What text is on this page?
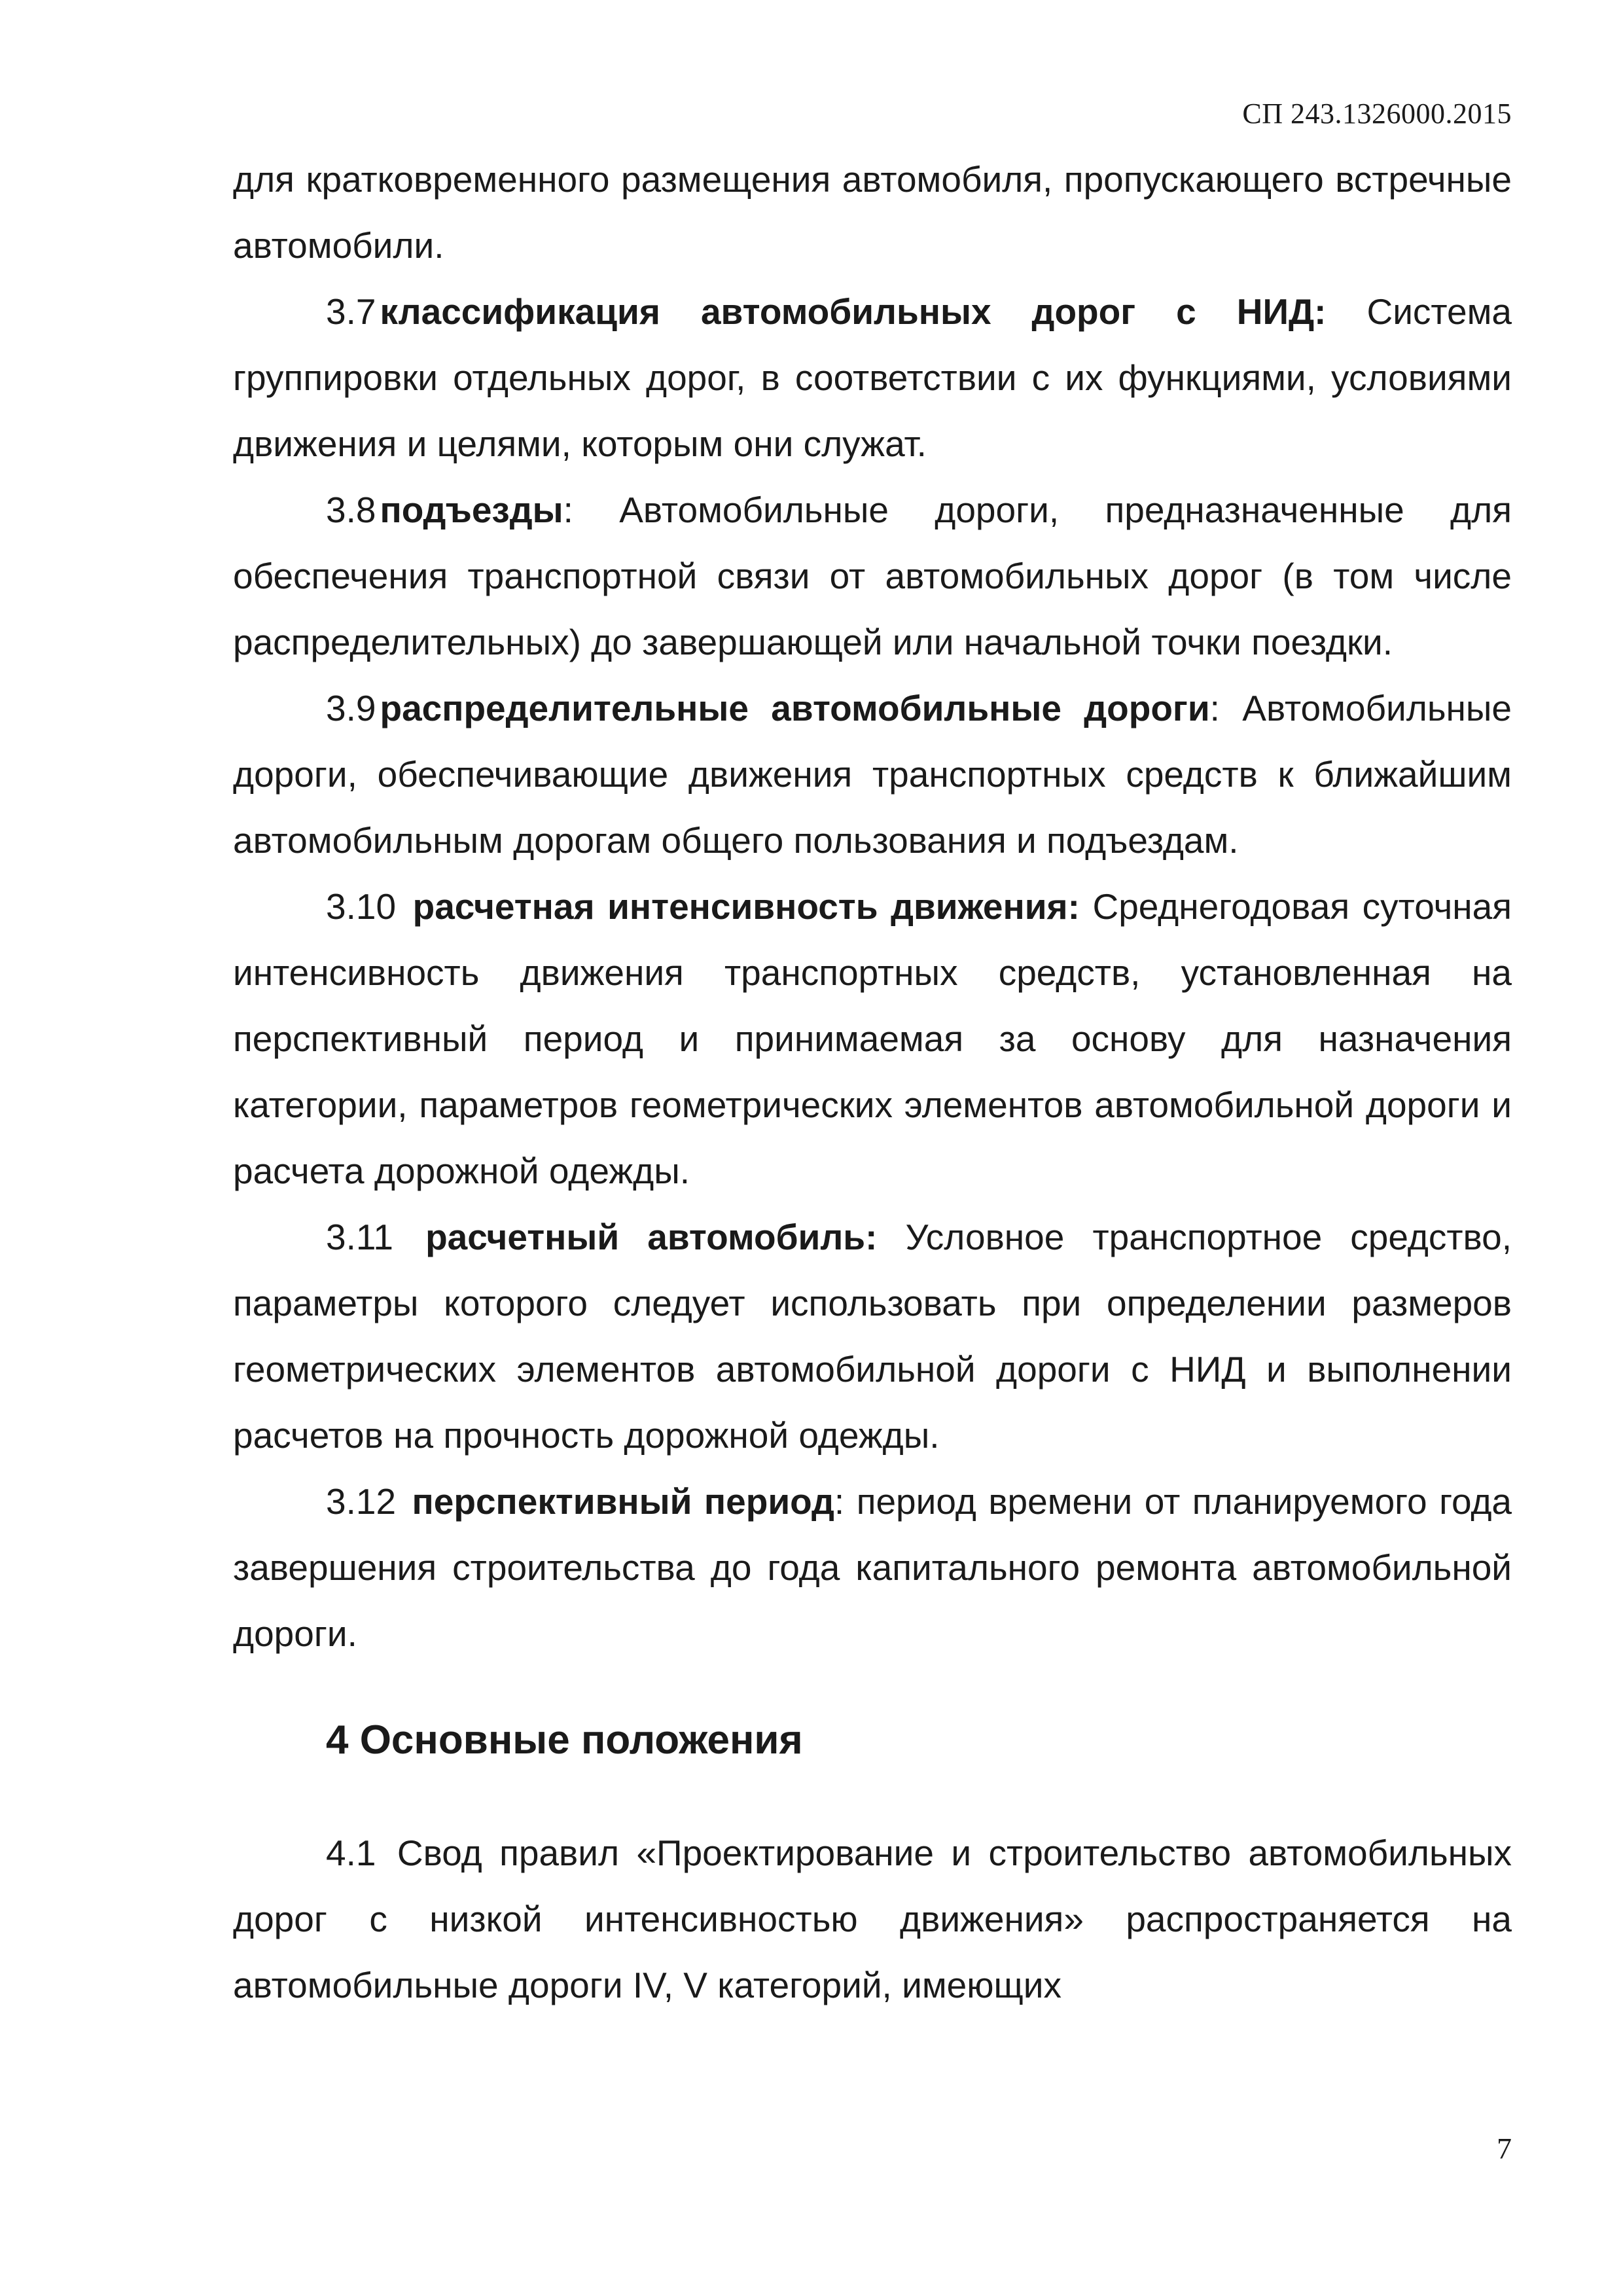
СП 243.1326000.2015

для кратковременного размещения автомобиля, пропускающего встречные автомобили.

3.7 классификация автомобильных дорог с НИД: Система группировки отдельных дорог, в соответствии с их функциями, условиями движения и целями, которым они служат.

3.8 подъезды: Автомобильные дороги, предназначенные для обеспечения транспортной связи от автомобильных дорог (в том числе распределительных) до завершающей или начальной точки поездки.

3.9 распределительные автомобильные дороги: Автомобильные дороги, обеспечивающие движения транспортных средств к ближайшим автомобильным дорогам общего пользования и подъездам.

3.10 расчетная интенсивность движения: Среднегодовая суточная интенсивность движения транспортных средств, установленная на перспективный период и принимаемая за основу для назначения категории, параметров геометрических элементов автомобильной дороги и расчета дорожной одежды.

3.11 расчетный автомобиль: Условное транспортное средство, параметры которого следует использовать при определении размеров геометрических элементов автомобильной дороги с НИД и выполнении расчетов на прочность дорожной одежды.

3.12 перспективный период: период времени от планируемого года завершения строительства до года капитального ремонта автомобильной дороги.

4 Основные положения

4.1 Свод правил «Проектирование и строительство автомобильных дорог с низкой интенсивностью движения» распространяется на автомобильные дороги IV, V категорий, имеющих

7
